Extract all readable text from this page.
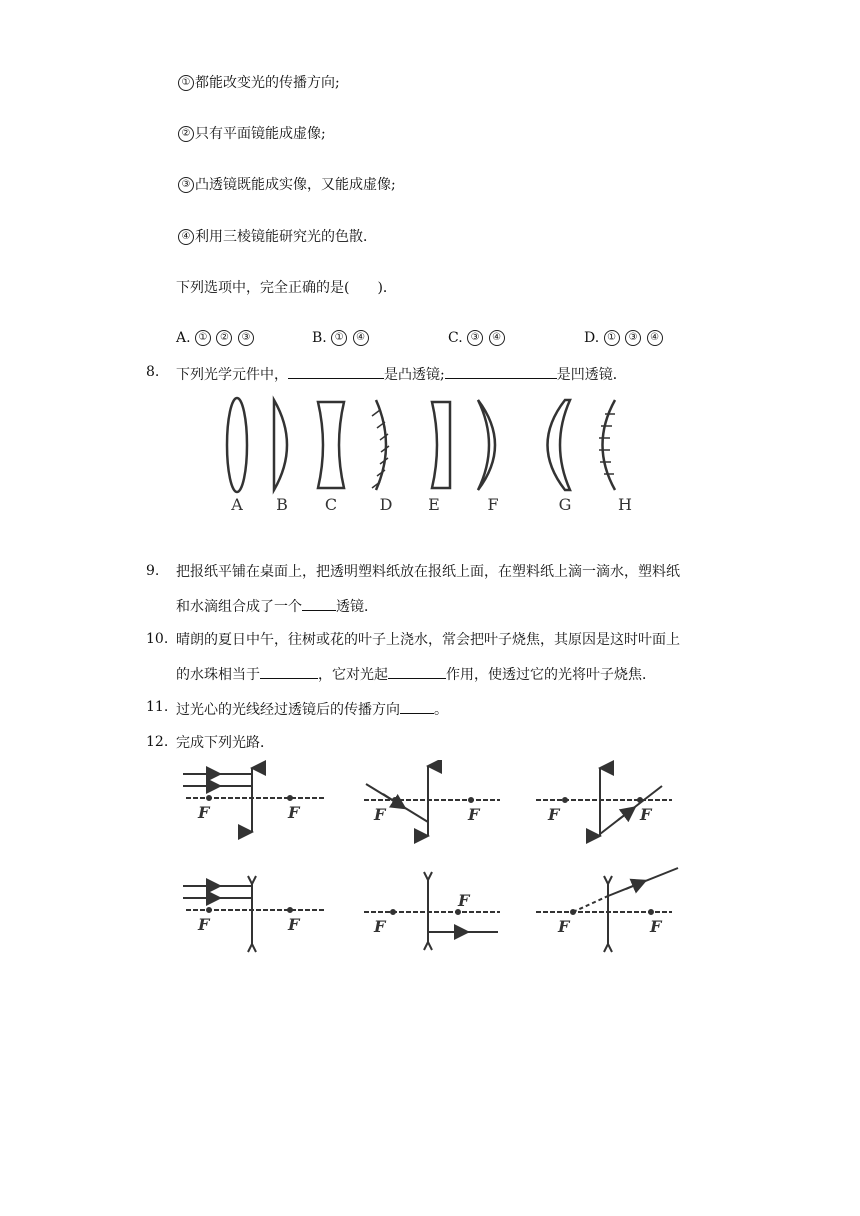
① 都能改变光的传播方向;
② 只有平面镜能成虚像;
③ 凸透镜既能成实像，又能成虚像;
④ 利用三棱镜能研究光的色散．
下列选项中，完全正确的是(　　)．
A. ① ② ③	B. ① ④	C. ③ ④	D. ① ③ ④
8. 下列光学元件中，	是凸透镜;	是凹透镜．
A B C	D E	F	G	H
9. 把报纸平铺在桌面上，把透明塑料纸放在报纸上面，在塑料纸上滴一滴水，塑料纸
和水滴组合成了一个 透镜．
10. 晴朗的夏日中午，往树或花的叶子上浇水，常会把叶子烧焦，其原因是这时叶面上
的水珠相当于	，它对光起	作用，使透过它的光将叶子烧焦．
11. 过光心的光线经过透镜后的传播方向 。
12. 完成下列光路．
F	F	F	F	F	F
F	F	F
F
F	F
